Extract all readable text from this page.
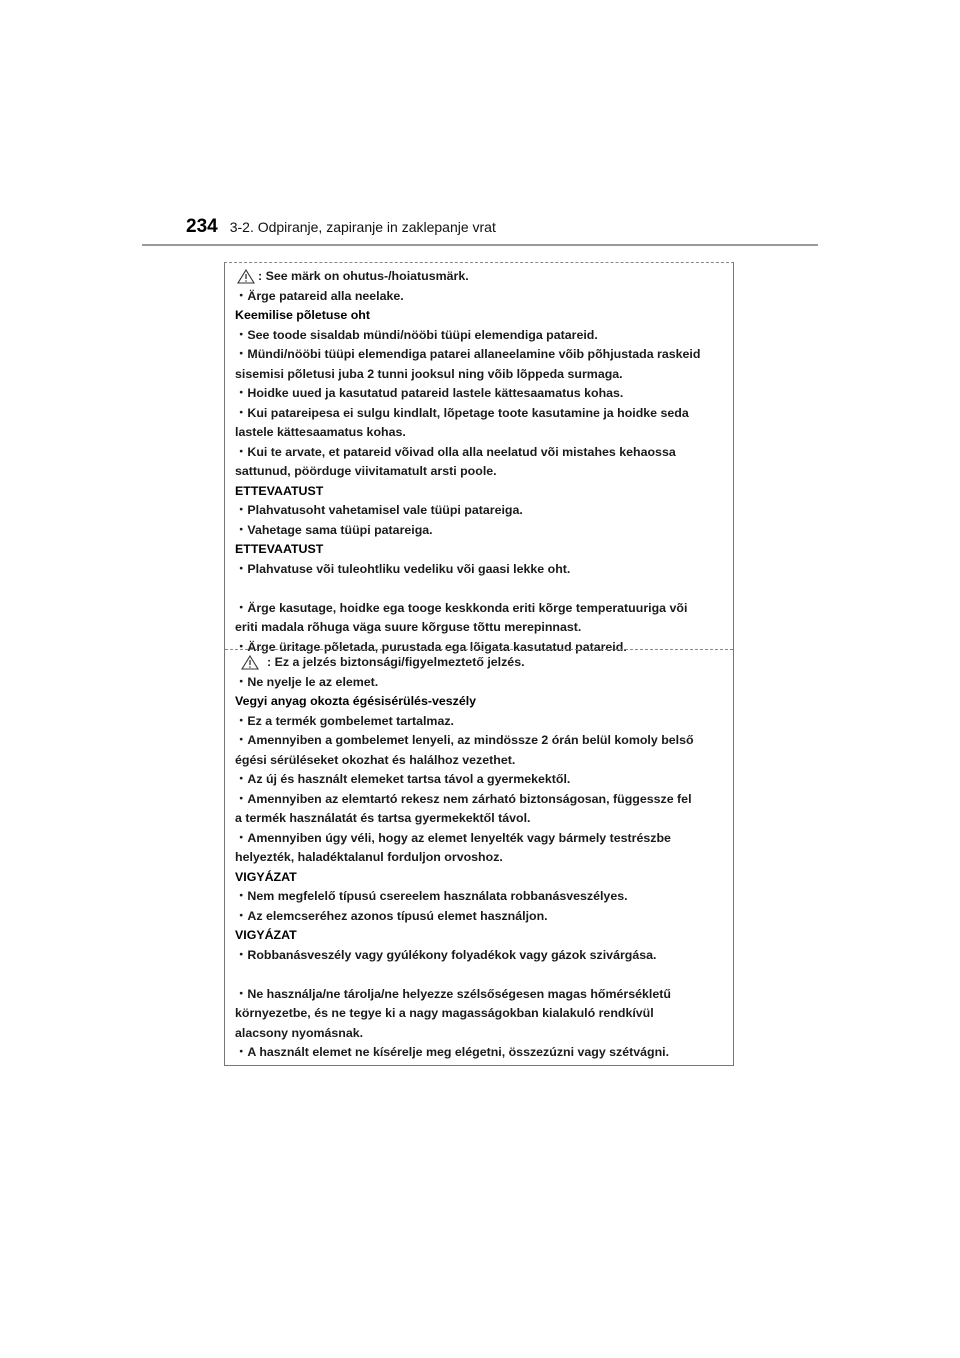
234 3-2. Odpiranje, zapiranje in zaklepanje vrat
: See märk on ohutus-/hoiatusmärk.
・Ärge patareid alla neelake.
Keemilise põletuse oht
・See toode sisaldab mündi/nööbi tüüpi elemendiga patareid.
・Mündi/nööbi tüüpi elemendiga patarei allaneelamine võib põhjustada raskeid
sisemisi põletusi juba 2 tunni jooksul ning võib lõppeda surmaga.
・Hoidke uued ja kasutatud patareid lastele kättesaamatus kohas.
・Kui patareipesa ei sulgu kindlalt, lõpetage toote kasutamine ja hoidke seda
lastele kättesaamatus kohas.
・Kui te arvate, et patareid võivad olla alla neelatud või mistahes kehaossa
sattunud, pöörduge viivitamatult arsti poole.
ETTEVAATUST
・Plahvatusoht vahetamisel vale tüüpi patareiga.
・Vahetage sama tüüpi patareiga.
ETTEVAATUST
・Plahvatuse või tuleohtliku vedeliku või gaasi lekke oht.
・Ärge kasutage, hoidke ega tooge keskkonda eriti kõrge temperatuuriga või
eriti madala rõhuga väga suure kõrguse tõttu merepinnast.
・Ärge üritage põletada, purustada ega lõigata kasutatud patareid.
: Ez a jelzés biztonsági/figyelmeztető jelzés.
・Ne nyelje le az elemet.
Vegyi anyag okozta égésisérülés-veszély
・Ez a termék gombelemet tartalmaz.
・Amennyiben a gombelemet lenyeli, az mindössze 2 órán belül komoly belső
égési sérüléseket okozhat és halálhoz vezethet.
・Az új és használt elemeket tartsa távol a gyermekektől.
・Amennyiben az elemtartó rekesz nem zárható biztonságosan, függessze fel
a termék használatát és tartsa gyermekektől távol.
・Amennyiben úgy véli, hogy az elemet lenyelték vagy bármely testrészbe
helyezték, haladéktalanul forduljon orvoshoz.
VIGYÁZAT
・Nem megfelelő típusú csereelem használata robbanásveszélyes.
・Az elemcseréhez azonos típusú elemet használjon.
VIGYÁZAT
・Robbanásveszély vagy gyúlékony folyadékok vagy gázok szivárgása.
・Ne használja/ne tárolja/ne helyezze szélsőségesen magas hőmérsékletű
környezetbe, és ne tegye ki a nagy magasságokban kialakuló rendkívül
alacsony nyomásnak.
・A használt elemet ne kísérelje meg elégetni, összezúzni vagy szétvágni.
